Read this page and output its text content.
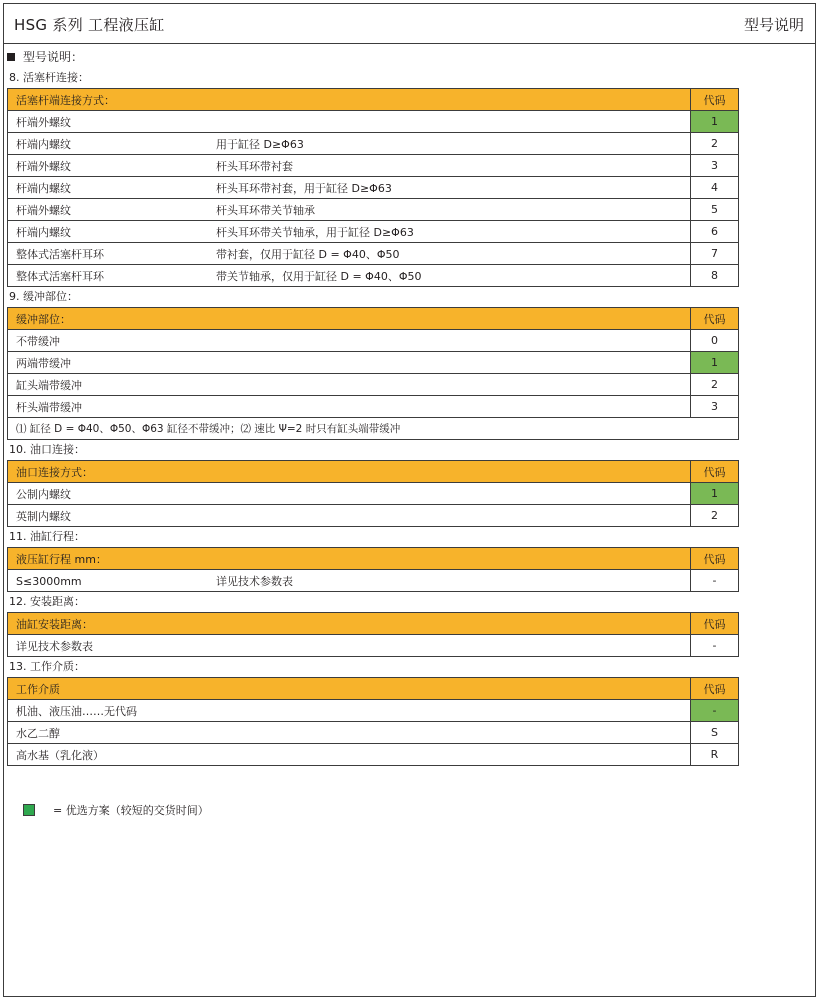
HSG 系列 工程液压缸	型号说明
型号说明：
8. 活塞杆连接：
活塞杆端连接方式：	代码
杆端外螺纹	1
杆端内螺纹 用于缸径 D≥Φ63	2
杆端外螺纹 杆头耳环带衬套	3
杆端内螺纹 杆头耳环带衬套，用于缸径 D≥Φ63	4
杆端外螺纹 杆头耳环带关节轴承	5
杆端内螺纹 杆头耳环带关节轴承，用于缸径 D≥Φ63	6
整体式活塞杆耳环 带衬套，仅用于缸径 D = Φ40、Φ50	7
整体式活塞杆耳环 带关节轴承，仅用于缸径 D = Φ40、Φ50	8
9. 缓冲部位：
缓冲部位：	代码
不带缓冲	0
两端带缓冲	1
缸头端带缓冲	2
杆头端带缓冲	3
⑴ 缸径 D = Φ40、Φ50、Φ63 缸径不带缓冲；⑵ 速比 Ψ=2 时只有缸头端带缓冲	
10. 油口连接：
油口连接方式：	代码
公制内螺纹	1
英制内螺纹	2
11. 油缸行程：
液压缸行程 mm：	代码
S≤3000mm 详见技术参数表	-
12. 安装距离：
油缸安装距离：	代码
详见技术参数表	-
13. 工作介质：
工作介质	代码
机油、液压油……无代码	-
水乙二醇	S
高水基（乳化液）	R
= 优选方案（较短的交货时间）
